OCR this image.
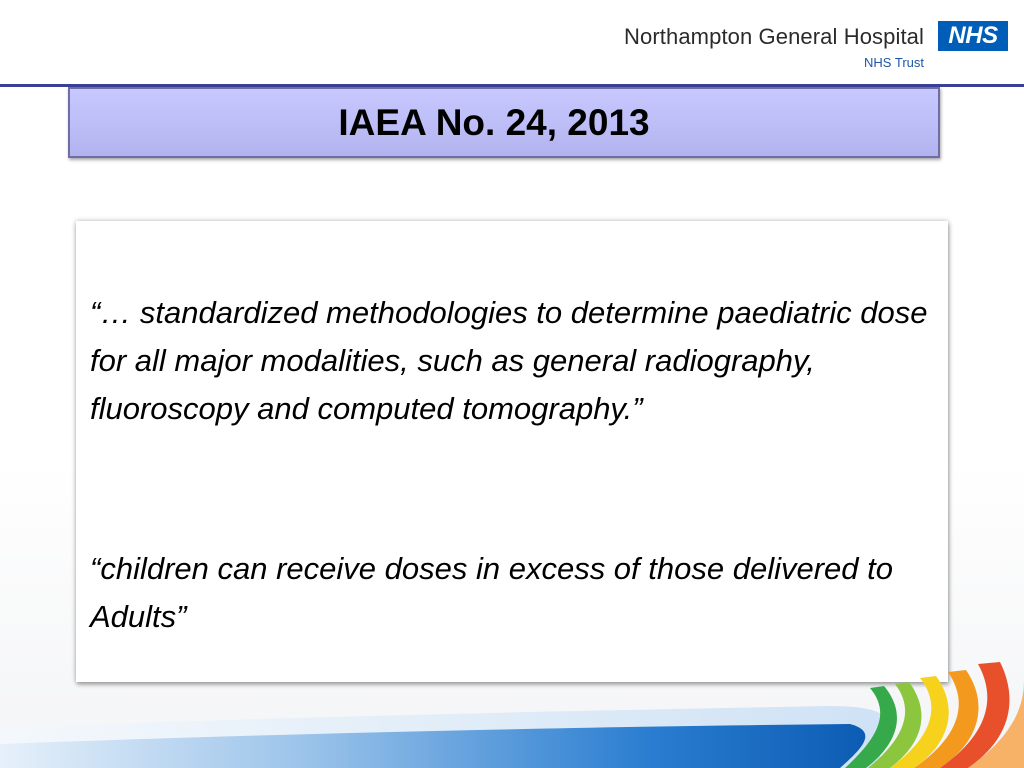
Northampton General Hospital
NHS Trust
NHS
IAEA No. 24, 2013
“… standardized methodologies to determine paediatric dose for all major modalities, such as general radiography, fluoroscopy and computed tomography.”
“children can receive doses in excess of those delivered to Adults”
